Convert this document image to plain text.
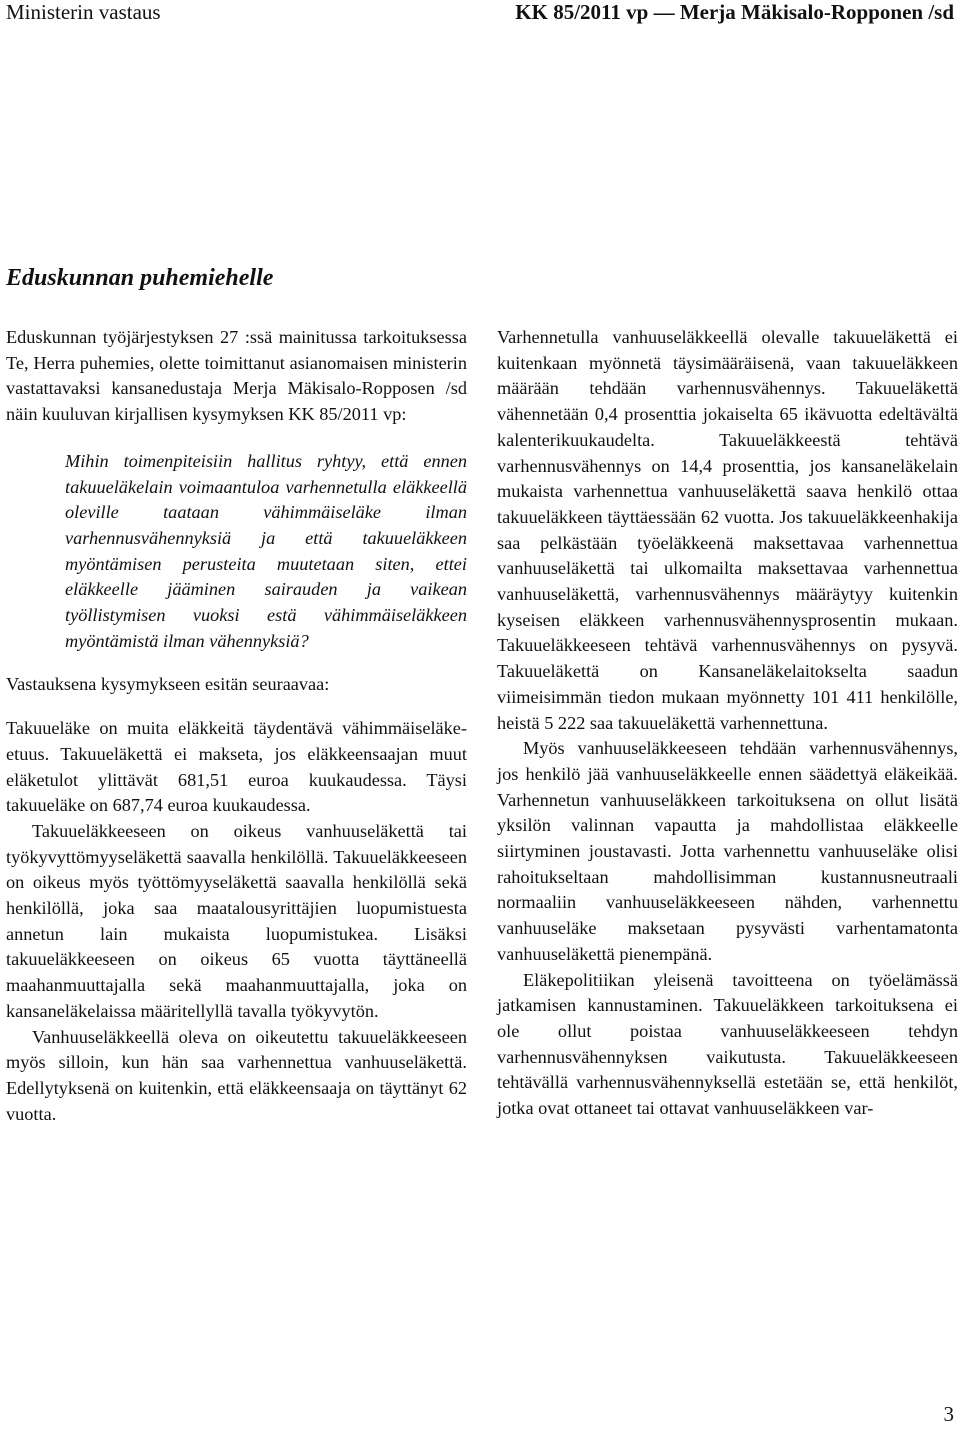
Ministerin vastaus	KK 85/2011 vp — Merja Mäkisalo-Ropponen /sd
Eduskunnan puhemiehelle

Eduskunnan työjärjestyksen 27 :ssä mainitussa tarkoituksessa Te, Herra puhemies, olette toimittanut asianomaisen ministerin vastattavaksi kansanedustaja Merja Mäkisalo-Ropposen /sd näin kuuluvan kirjallisen kysymyksen KK 85/2011 vp:

Mihin toimenpiteisiin hallitus ryhtyy, että ennen takuueläkelain voimaantuloa varhennetulla eläkkeellä oleville taataan vähimmäiseläke ilman varhennusvähennyksiä ja että takuueläkkeen myöntämisen perusteita muutetaan siten, ettei eläkkeelle jääminen sairauden ja vaikean työllistymisen vuoksi estä vähimmäiseläkkeen myöntämistä ilman vähennyksiä?

Vastauksena kysymykseen esitän seuraavaa:

Takuueläke on muita eläkkeitä täydentävä vähimmäiseläke-etuus. Takuueläkettä ei makseta, jos eläkkeensaajan muut eläketulot ylittävät 681,51 euroa kuukaudessa. Täysi takuueläke on 687,74 euroa kuukaudessa.

Takuueläkkeeseen on oikeus vanhuuseläkettä tai työkyvyttömyyseläkettä saavalla henkilöllä. Takuueläkkeeseen on oikeus myös työttömyyseläkettä saavalla henkilöllä sekä henkilöllä, joka saa maatalousyrittäjien luopumistuesta annetun lain mukaista luopumistukea. Lisäksi takuueläkkeeseen on oikeus 65 vuotta täyttäneellä maahanmuuttajalla sekä maahanmuuttajalla, joka on kansaneläkelaissa määritellyllä tavalla työkyvytön.

Vanhuuseläkkeellä oleva on oikeutettu takuueläkkeeseen myös silloin, kun hän saa varhennettua vanhuuseläkettä. Edellytyksenä on kuitenkin, että eläkkeensaaja on täyttänyt 62 vuotta.

Varhennetulla vanhuuseläkkeellä olevalle takuueläkettä ei kuitenkaan myönnetä täysimääräisenä, vaan takuueläkkeen määrään tehdään varhennusvähennys. Takuueläkettä vähennetään 0,4 prosenttia jokaiselta 65 ikävuotta edeltävältä kalenterikuukaudelta. Takuueläkkeestä tehtävä varhennusvähennys on 14,4 prosenttia, jos kansaneläkelain mukaista varhennettua vanhuuseläkettä saava henkilö ottaa takuueläkkeen täyttäessään 62 vuotta. Jos takuueläkkeenhakija saa pelkästään työeläkkeenä maksettavaa varhennettua vanhuuseläkettä tai ulkomailta maksettavaa varhennettua vanhuuseläkettä, varhennusvähennys määräytyy kuitenkin kyseisen eläkkeen varhennusvähennysprosentin mukaan. Takuueläkkeeseen tehtävä varhennusvähennys on pysyvä. Takuueläkettä on Kansaneläkelaitokselta saadun viimeisimmän tiedon mukaan myönnetty 101 411 henkilölle, heistä 5 222 saa takuueläkettä varhennettuna.

Myös vanhuuseläkkeeseen tehdään varhennusvähennys, jos henkilö jää vanhuuseläkkeelle ennen säädettyä eläkeikää. Varhennetun vanhuuseläkkeen tarkoituksena on ollut lisätä yksilön valinnan vapautta ja mahdollistaa eläkkeelle siirtyminen joustavasti. Jotta varhennettu vanhuuseläke olisi rahoitukseltaan mahdollisimman kustannusneutraali normaaliin vanhuuseläkkeeseen nähden, varhennettu vanhuuseläke maksetaan pysyvästi varhentamatonta vanhuuseläkettä pienempänä.

Eläkepolitiikan yleisenä tavoitteena on työelämässä jatkamisen kannustaminen. Takuueläkkeen tarkoituksena ei ole ollut poistaa vanhuuseläkkeeseen tehdyn varhennusvähennyksen vaikutusta. Takuueläkkeeseen tehtävällä varhennusvähennyksellä estetään se, että henkilöt, jotka ovat ottaneet tai ottavat vanhuuseläkkeen var-

3
